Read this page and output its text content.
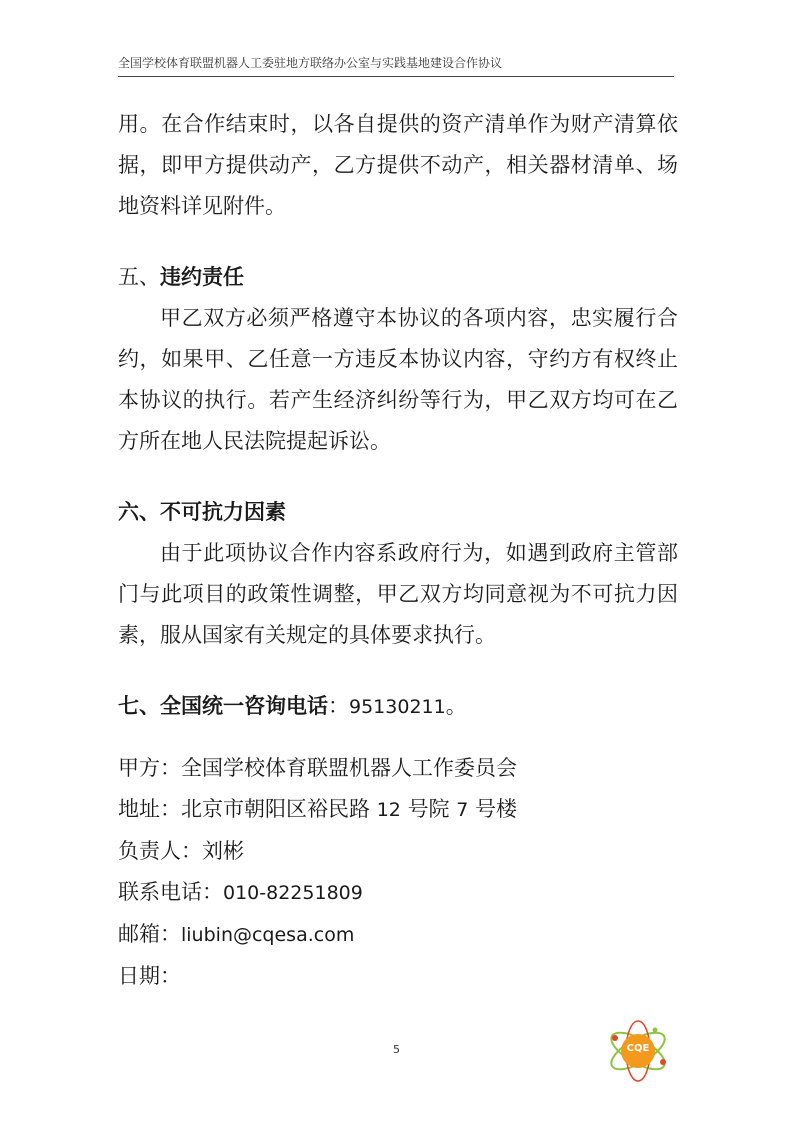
全国学校体育联盟机器人工委驻地方联络办公室与实践基地建设合作协议

用。在合作结束时，以各自提供的资产清单作为财产清算依据，即甲方提供动产，乙方提供不动产，相关器材清单、场地资料详见附件。

五、违约责任

甲乙双方必须严格遵守本协议的各项内容，忠实履行合约，如果甲、乙任意一方违反本协议内容，守约方有权终止本协议的执行。若产生经济纠纷等行为，甲乙双方均可在乙方所在地人民法院提起诉讼。

六、不可抗力因素

由于此项协议合作内容系政府行为，如遇到政府主管部门与此项目的政策性调整，甲乙双方均同意视为不可抗力因素，服从国家有关规定的具体要求执行。

七、全国统一咨询电话：95130211。

甲方：全国学校体育联盟机器人工作委员会

地址：北京市朝阳区裕民路 12 号院 7 号楼

负责人：刘彬

联系电话：010-82251809

邮箱：liubin@cqesa.com

日期：

5	CQE
